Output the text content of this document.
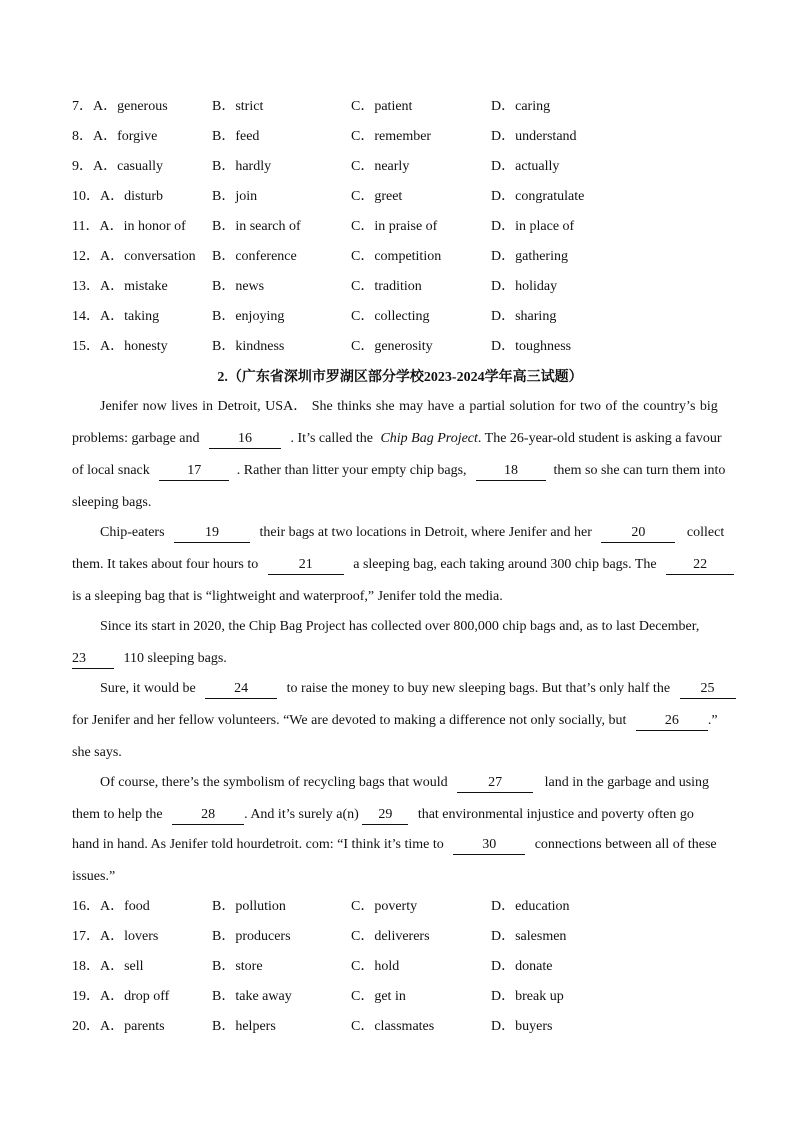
7．A．generous	B．strict	C．patient	D．caring
8．A．forgive	B．feed	C．remember	D．understand
9．A．casually	B．hardly	C．nearly	D．actually
10．A．disturb	B．join	C．greet	D．congratulate
11．A．in honor of B．in search of	C．in praise of	D．in place of
12．A．conversation B．conference	C．competition	D．gathering
13．A．mistake	B．news	C．tradition	D．holiday
14．A．taking	B．enjoying	C．collecting	D．sharing
15．A．honesty	B．kindness	C．generosity	D．toughness
2.（广东省深圳市罗湖区部分学校2023-2024学年高三试题）
Jenifer now lives in Detroit, USA． She thinks she may have a partial solution for two of the country’s big
problems: garbage and	16	. It’s called the Chip Bag Project. The 26-year-old student is asking a favour
of local snack	17	. Rather than litter your empty chip bags,	18	them so she can turn them into
sleeping bags.
Chip-eaters	19	their bags at two locations in Detroit, where Jenifer and her	20	collect
them. It takes about four hours to	21	a sleeping bag, each taking around 300 chip bags. The	22
is a sleeping bag that is “lightweight and waterproof,” Jenifer told the media.
Since its start in 2020, the Chip Bag Project has collected over 800,000 chip bags and, as to last December,
23	110 sleeping bags.
Sure, it would be	24	to raise the money to buy new sleeping bags. But that’s only half the 25
for Jenifer and her fellow volunteers. “We are devoted to making a difference not only socially, but	26 .”
she says.
Of course, there’s the symbolism of recycling bags that would	27	land in the garbage and using
them to help the	28 . And it’s surely a(n) 29 that environmental injustice and poverty often go
hand in hand. As Jenifer told hourdetroit. com: “I think it’s time to	30	connections between all of these
issues.”
16．A．food	B．pollution	C．poverty	D．education
17．A．lovers	B．producers	C．deliverers	D．salesmen
18．A．sell	B．store	C．hold	D．donate
19．A．drop off	B．take away	C．get in	D．break up
20．A．parents	B．helpers	C．classmates	D．buyers
